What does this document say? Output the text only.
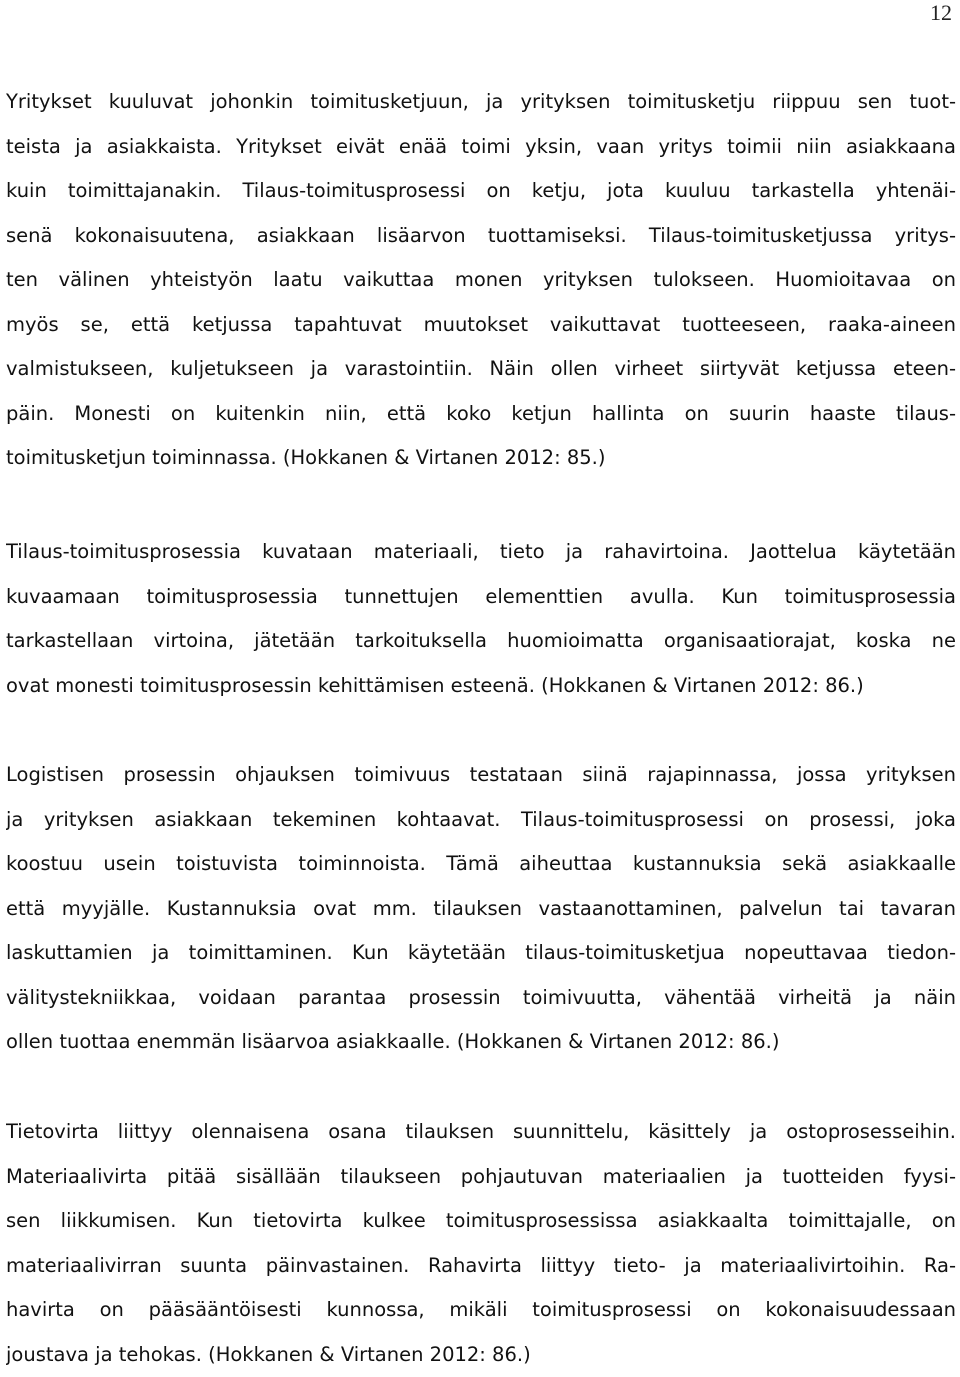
12
Yritykset kuuluvat johonkin toimitusketjuun, ja yrityksen toimitusketju riippuu sen tuot-
teista ja asiakkaista. Yritykset eivät enää toimi yksin, vaan yritys toimii niin asiakkaana
kuin toimittajanakin. Tilaus-toimitusprosessi on ketju, jota kuuluu tarkastella yhtenäi-
senä kokonaisuutena, asiakkaan lisäarvon tuottamiseksi. Tilaus-toimitusketjussa yritys-
ten välinen yhteistyön laatu vaikuttaa monen yrityksen tulokseen. Huomioitavaa on
myös se, että ketjussa tapahtuvat muutokset vaikuttavat tuotteeseen, raaka-aineen
valmistukseen, kuljetukseen ja varastointiin. Näin ollen virheet siirtyvät ketjussa eteen-
päin. Monesti on kuitenkin niin, että koko ketjun hallinta on suurin haaste tilaus-
toimitusketjun toiminnassa. (Hokkanen & Virtanen 2012: 85.)
Tilaus-toimitusprosessia kuvataan materiaali, tieto ja rahavirtoina. Jaottelua käytetään
kuvaamaan toimitusprosessia tunnettujen elementtien avulla. Kun toimitusprosessia
tarkastellaan virtoina, jätetään tarkoituksella huomioimatta organisaatiorajat, koska ne
ovat monesti toimitusprosessin kehittämisen esteenä. (Hokkanen & Virtanen 2012: 86.)
Logistisen prosessin ohjauksen toimivuus testataan siinä rajapinnassa, jossa yrityksen
ja yrityksen asiakkaan tekeminen kohtaavat. Tilaus-toimitusprosessi on prosessi, joka
koostuu usein toistuvista toiminnoista. Tämä aiheuttaa kustannuksia sekä asiakkaalle
että myyjälle. Kustannuksia ovat mm. tilauksen vastaanottaminen, palvelun tai tavaran
laskuttamien ja toimittaminen. Kun käytetään tilaus-toimitusketjua nopeuttavaa tiedon-
välitystekniikkaa, voidaan parantaa prosessin toimivuutta, vähentää virheitä ja näin
ollen tuottaa enemmän lisäarvoa asiakkaalle. (Hokkanen & Virtanen 2012: 86.)
Tietovirta liittyy olennaisena osana tilauksen suunnittelu, käsittely ja ostoprosesseihin.
Materiaalivirta pitää sisällään tilaukseen pohjautuvan materiaalien ja tuotteiden fyysi-
sen liikkumisen. Kun tietovirta kulkee toimitusprosessissa asiakkaalta toimittajalle, on
materiaalivirran suunta päinvastainen. Rahavirta liittyy tieto- ja materiaalivirtoihin. Ra-
havirta on pääsääntöisesti kunnossa, mikäli toimitusprosessi on kokonaisuudessaan
joustava ja tehokas. (Hokkanen & Virtanen 2012: 86.)
